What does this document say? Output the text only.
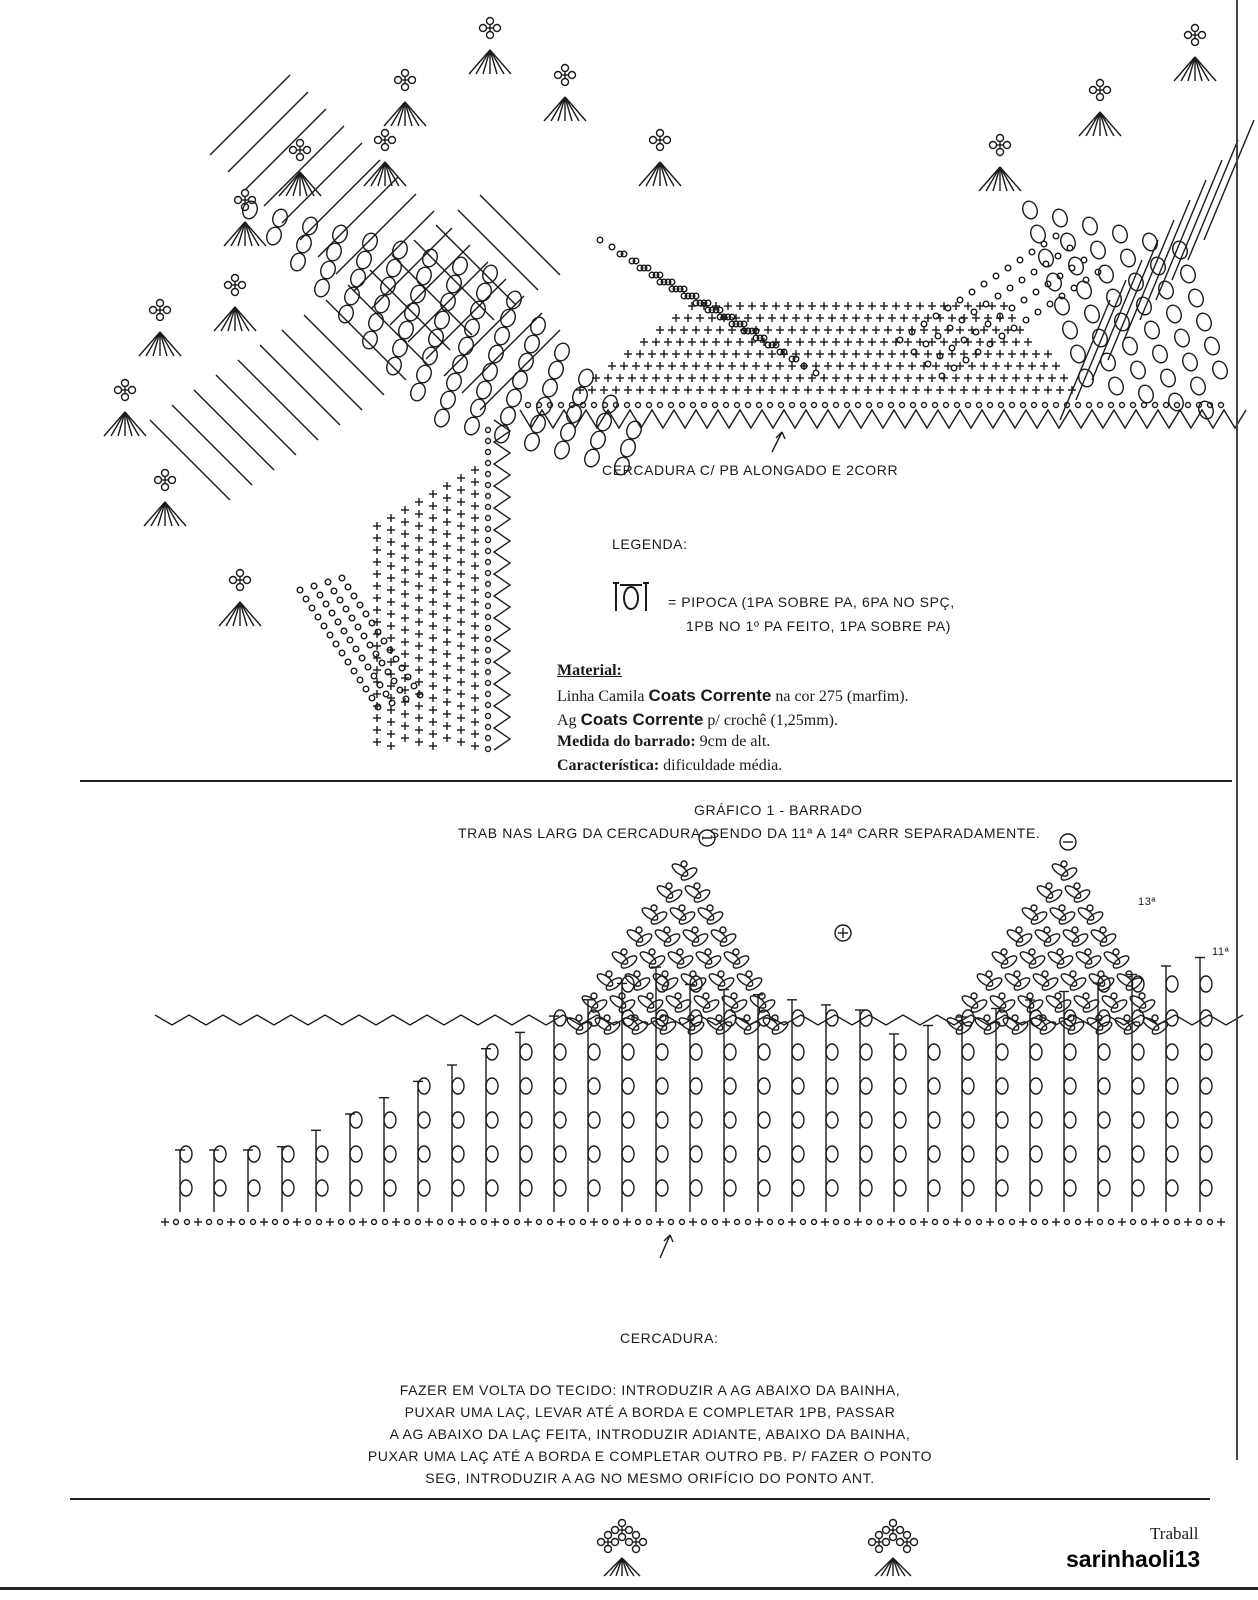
CERCADURA C/ PB ALONGADO E 2CORR
LEGENDA:
= PIPOCA (1PA SOBRE PA, 6PA NO SPÇ,
1PB NO 1º PA FEITO, 1PA SOBRE PA)
Material:
Linha Camila Coats Corrente na cor 275 (marfim).
Ag Coats Corrente p/ crochê (1,25mm).
Medida do barrado: 9cm de alt.
Característica: dificuldade média.
GRÁFICO 1 - BARRADO
TRAB NAS LARG DA CERCADURA, SENDO DA 11ª A 14ª CARR SEPARADAMENTE.
13ª
11ª
CERCADURA:
FAZER EM VOLTA DO TECIDO: INTRODUZIR A AG ABAIXO DA BAINHA,
PUXAR UMA LAÇ, LEVAR ATÉ A BORDA E COMPLETAR 1PB, PASSAR
A AG ABAIXO DA LAÇ FEITA, INTRODUZIR ADIANTE, ABAIXO DA BAINHA,
PUXAR UMA LAÇ ATÉ A BORDA E COMPLETAR OUTRO PB. P/ FAZER O PONTO
SEG, INTRODUZIR A AG NO MESMO ORIFÍCIO DO PONTO ANT.
Traball
sarinhaoli13
